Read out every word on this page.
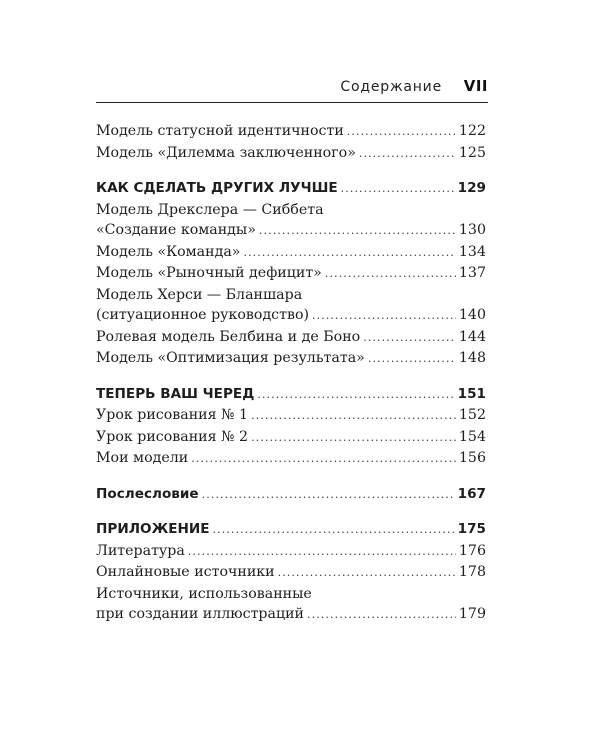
Содержание VII
Модель статусной идентичности .....	122
Модель «Дилемма заключенного» .....	125
КАК СДЕЛАТЬ ДРУГИХ ЛУЧШЕ .....	129
Модель Дрекслера — Сиббета
«Создание команды» .....	130
Модель «Команда» .....	134
Модель «Рыночный дефицит» .....	137
Модель Херси — Бланшара
(ситуационное руководство) .....	140
Ролевая модель Белбина и де Боно .....	144
Модель «Оптимизация результата» .....	148
ТЕПЕРЬ ВАШ ЧЕРЕД .....	151
Урок рисования № 1 .....	152
Урок рисования № 2 .....	154
Мои модели .....	156
Послесловие .....	167
ПРИЛОЖЕНИЕ .....	175
Литература .....	176
Онлайновые источники .....	178
Источники, использованные
при создании иллюстраций .....	179
